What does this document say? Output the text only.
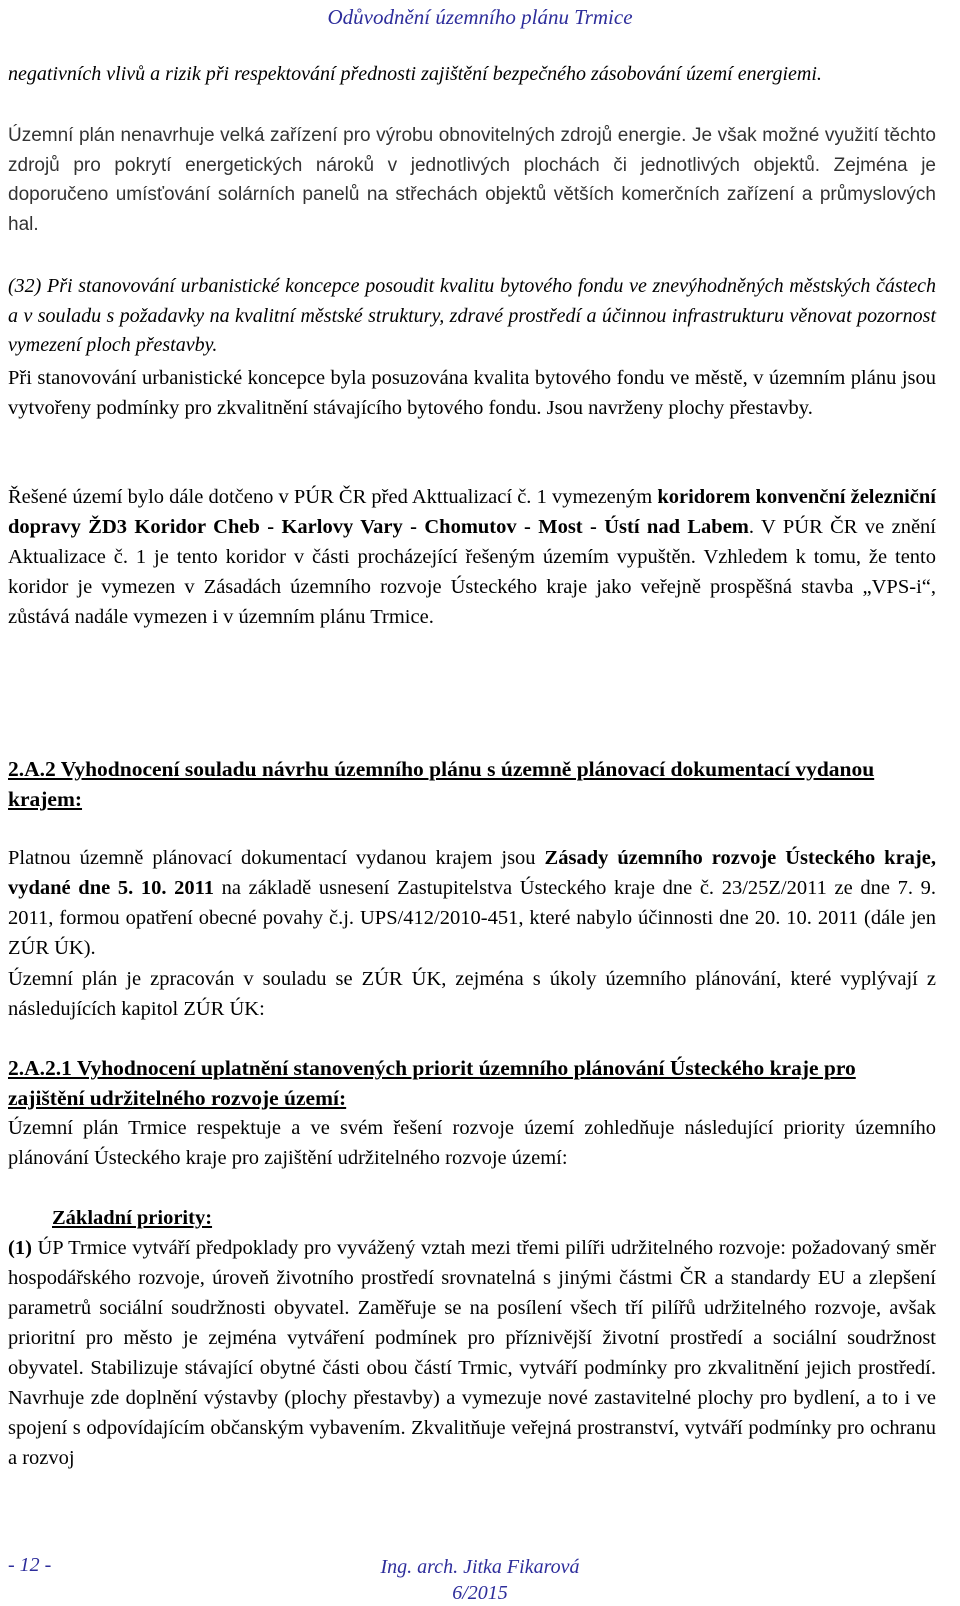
Odůvodnění územního plánu Trmice

negativních vlivů a rizik při respektování přednosti zajištění bezpečného zásobování území energiemi.

Územní plán nenavrhuje velká zařízení pro výrobu obnovitelných zdrojů energie. Je však možné využití těchto zdrojů pro pokrytí energetických nároků v jednotlivých plochách či jednotlivých objektů. Zejména je doporučeno umísťování solárních panelů na střechách objektů větších komerčních zařízení a průmyslových hal.

(32) Při stanovování urbanistické koncepce posoudit kvalitu bytového fondu ve znevýhodněných městských částech a v souladu s požadavky na kvalitní městské struktury, zdravé prostředí a účinnou infrastrukturu věnovat pozornost vymezení ploch přestavby.

Při stanovování urbanistické koncepce byla posuzována kvalita bytového fondu ve městě, v územním plánu jsou vytvořeny podmínky pro zkvalitnění stávajícího bytového fondu. Jsou navrženy plochy přestavby.

Řešené území bylo dále dotčeno v PÚR ČR před Akttualizací č. 1 vymezeným koridorem konvenční železniční dopravy ŽD3 Koridor Cheb - Karlovy Vary - Chomutov - Most - Ústí nad Labem. V PÚR ČR ve znění Aktualizace č. 1 je tento koridor v části procházející řešeným územím vypuštěn. Vzhledem k tomu, že tento koridor je vymezen v Zásadách územního rozvoje Ústeckého kraje jako veřejně prospěšná stavba „VPS-i“, zůstává nadále vymezen i v územním plánu Trmice.

2.A.2 Vyhodnocení souladu návrhu územního plánu s územně plánovací dokumentací vydanou krajem:

Platnou územně plánovací dokumentací vydanou krajem jsou Zásady územního rozvoje Ústeckého kraje, vydané dne 5. 10. 2011 na základě usnesení Zastupitelstva Ústeckého kraje dne č. 23/25Z/2011 ze dne 7. 9. 2011, formou opatření obecné povahy č.j. UPS/412/2010-451, které nabylo účinnosti dne 20. 10. 2011 (dále jen ZÚR ÚK).

Územní plán je zpracován v souladu se ZÚR ÚK, zejména s úkoly územního plánování, které vyplývají z následujících kapitol ZÚR ÚK:

2.A.2.1 Vyhodnocení uplatnění stanovených priorit územního plánování Ústeckého kraje pro zajištění udržitelného rozvoje území:

Územní plán Trmice respektuje a ve svém řešení rozvoje území zohledňuje následující priority územního plánování Ústeckého kraje pro zajištění udržitelného rozvoje území:

Základní priority:

(1) ÚP Trmice vytváří předpoklady pro vyvážený vztah mezi třemi pilíři udržitelného rozvoje: požadovaný směr hospodářského rozvoje, úroveň životního prostředí srovnatelná s jinými částmi ČR a standardy EU a zlepšení parametrů sociální soudržnosti obyvatel. Zaměřuje se na posílení všech tří pilířů udržitelného rozvoje, avšak prioritní pro město je zejména vytváření podmínek pro příznivější životní prostředí a sociální soudržnost obyvatel. Stabilizuje stávající obytné části obou částí Trmic, vytváří podmínky pro zkvalitnění jejich prostředí. Navrhuje zde doplnění výstavby (plochy přestavby) a vymezuje nové zastavitelné plochy pro bydlení, a to i ve spojení s odpovídajícím občanským vybavením. Zkvalitňuje veřejná prostranství, vytváří podmínky pro ochranu a rozvoj

- 12 -	Ing. arch. Jitka Fikarová
6/2015
